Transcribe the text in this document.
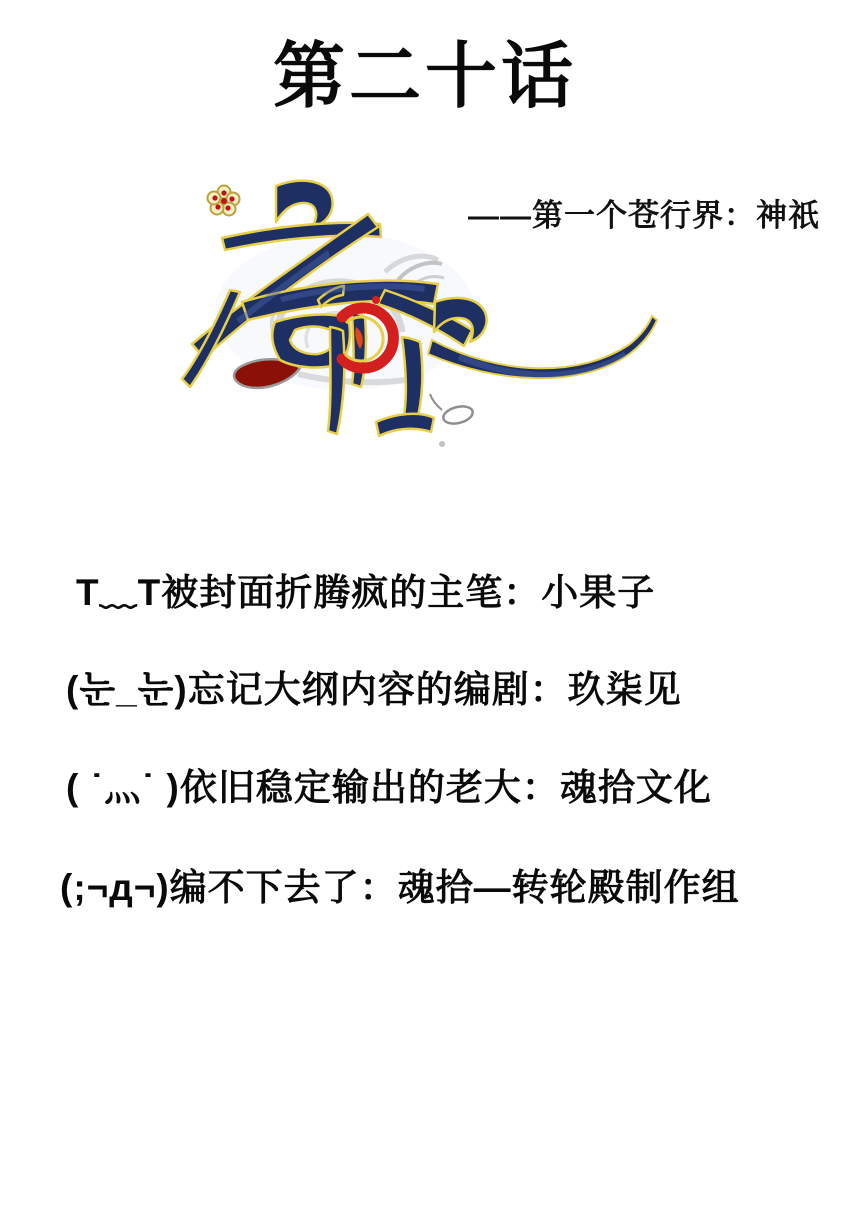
第二十话
——第一个苍行界：神祇
T﹏T被封面折腾疯的主笔：小果子
(눈_눈)忘记大纲内容的编剧：玖柒见
( ˙灬˙ )依旧稳定输出的老大：魂拾文化
(;¬д¬)编不下去了：魂拾—转轮殿制作组
